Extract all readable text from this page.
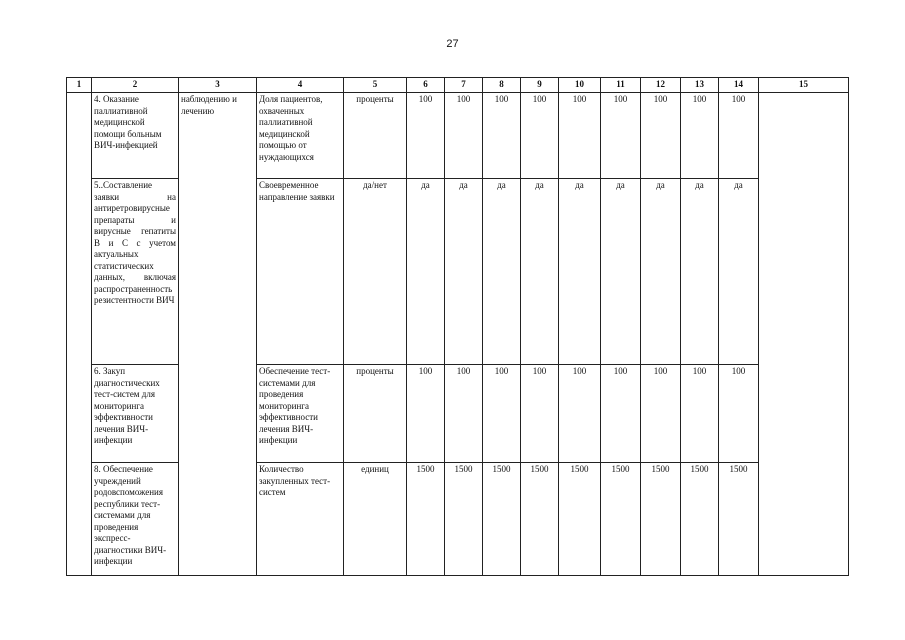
27
1	2	3	4	5	6	7	8	9	10	11	12	13	14	15
	4. Оказание паллиативной медицинской помощи больным ВИЧ-инфекцией	наблюдению и лечению	Доля пациентов, охваченных паллиативной медицинской помощью от нуждающихся	проценты	100	100	100	100	100	100	100	100	100	
	5..Составление заявки на антиретровирусные препараты и вирусные гепатиты В и С с учетом актуальных статистических данных, включая распространенность резистентности ВИЧ		Своевременное направление заявки	да/нет	да	да	да	да	да	да	да	да	да	
	6. Закуп диагностических тест-систем для мониторинга эффективности лечения ВИЧ-инфекции		Обеспечение тест-системами для проведения мониторинга эффективности лечения ВИЧ-инфекции	проценты	100	100	100	100	100	100	100	100	100	
	8. Обеспечение учреждений родовспоможения республики тест-системами для проведения экспресс-диагностики ВИЧ-инфекции		Количество закупленных тест-систем	единиц	1500	1500	1500	1500	1500	1500	1500	1500	1500	
